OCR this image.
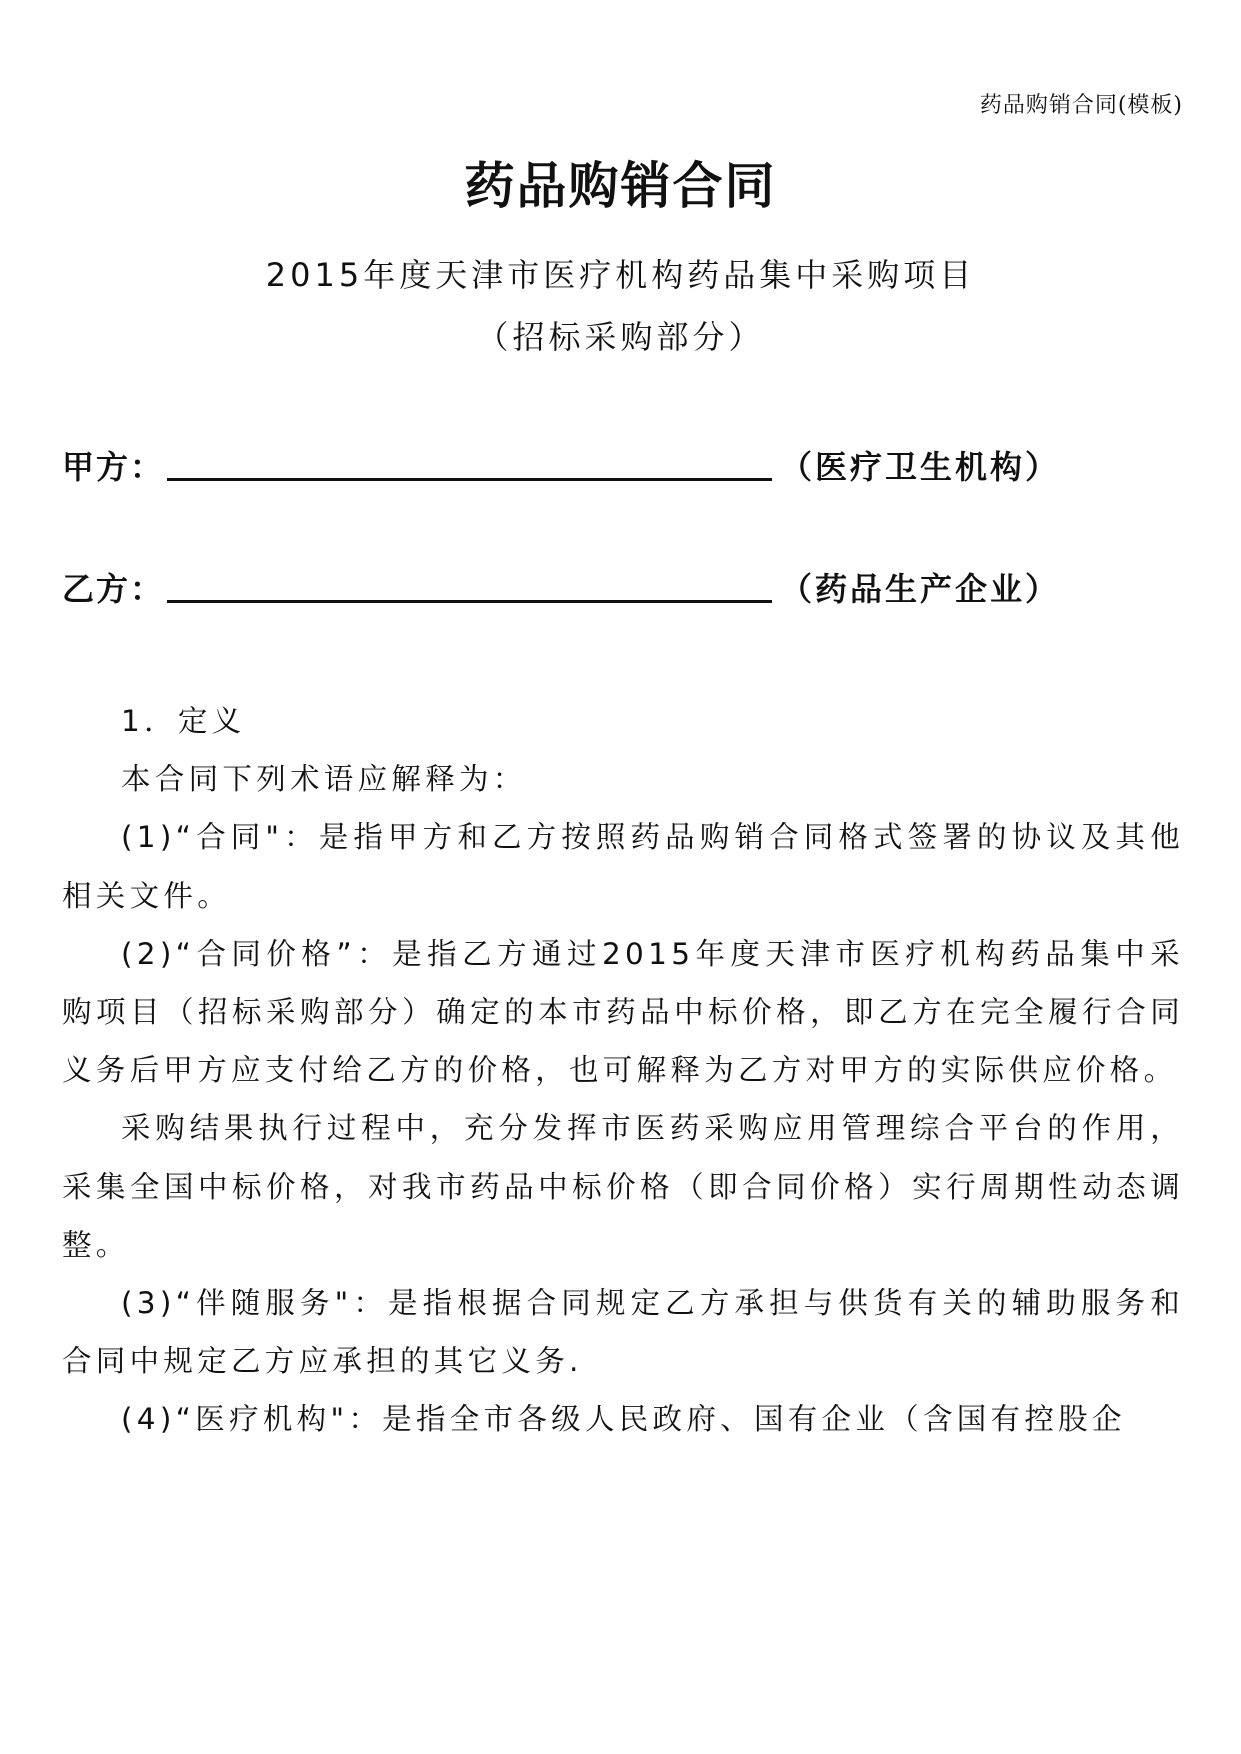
药品购销合同(模板)
药品购销合同
2015年度天津市医疗机构药品集中采购项目
（招标采购部分）
甲方：	（医疗卫生机构）
乙方：	（药品生产企业）

1．定义

本合同下列术语应解释为：

(1)“合同"：是指甲方和乙方按照药品购销合同格式签署的协议及其他相关文件。

(2)“合同价格”：是指乙方通过2015年度天津市医疗机构药品集中采购项目（招标采购部分）确定的本市药品中标价格，即乙方在完全履行合同义务后甲方应支付给乙方的价格，也可解释为乙方对甲方的实际供应价格。

采购结果执行过程中，充分发挥市医药采购应用管理综合平台的作用，采集全国中标价格，对我市药品中标价格（即合同价格）实行周期性动态调整。

(3)“伴随服务"：是指根据合同规定乙方承担与供货有关的辅助服务和合同中规定乙方应承担的其它义务.

(4)“医疗机构"：是指全市各级人民政府、国有企业（含国有控股企
